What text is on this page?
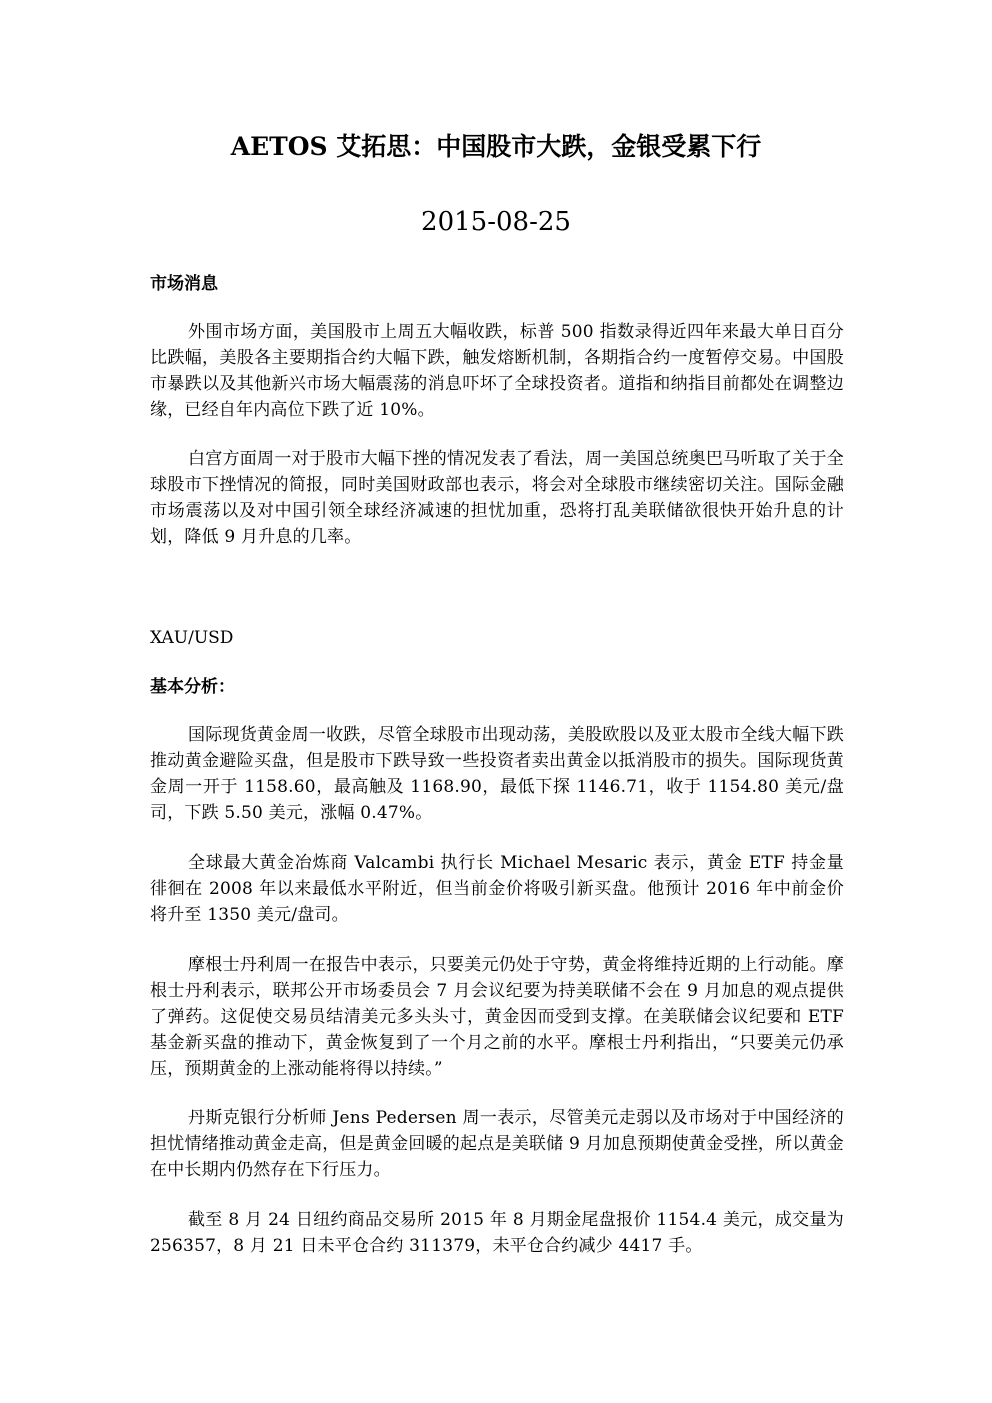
AETOS 艾拓思：中国股市大跌，金银受累下行
2015-08-25
市场消息

外围市场方面，美国股市上周五大幅收跌，标普 500 指数录得近四年来最大单日百分比跌幅，美股各主要期指合约大幅下跌，触发熔断机制，各期指合约一度暂停交易。中国股市暴跌以及其他新兴市场大幅震荡的消息吓坏了全球投资者。道指和纳指目前都处在调整边缘，已经自年内高位下跌了近 10%。

白宫方面周一对于股市大幅下挫的情况发表了看法，周一美国总统奥巴马听取了关于全球股市下挫情况的简报，同时美国财政部也表示，将会对全球股市继续密切关注。国际金融市场震荡以及对中国引领全球经济减速的担忧加重，恐将打乱美联储欲很快开始升息的计划，降低 9 月升息的几率。

XAU/USD
基本分析：

国际现货黄金周一收跌，尽管全球股市出现动荡，美股欧股以及亚太股市全线大幅下跌推动黄金避险买盘，但是股市下跌导致一些投资者卖出黄金以抵消股市的损失。国际现货黄金周一开于 1158.60，最高触及 1168.90，最低下探 1146.71，收于 1154.80 美元/盘司，下跌 5.50 美元，涨幅 0.47%。

全球最大黄金冶炼商 Valcambi 执行长 Michael Mesaric 表示，黄金 ETF 持金量徘徊在 2008 年以来最低水平附近，但当前金价将吸引新买盘。他预计 2016 年中前金价将升至 1350 美元/盘司。

摩根士丹利周一在报告中表示，只要美元仍处于守势，黄金将维持近期的上行动能。摩根士丹利表示，联邦公开市场委员会 7 月会议纪要为持美联储不会在 9 月加息的观点提供了弹药。这促使交易员结清美元多头头寸，黄金因而受到支撑。在美联储会议纪要和 ETF 基金新买盘的推动下，黄金恢复到了一个月之前的水平。摩根士丹利指出，“只要美元仍承压，预期黄金的上涨动能将得以持续。”

丹斯克银行分析师 Jens Pedersen 周一表示，尽管美元走弱以及市场对于中国经济的担忧情绪推动黄金走高，但是黄金回暖的起点是美联储 9 月加息预期使黄金受挫，所以黄金在中长期内仍然存在下行压力。

截至 8 月 24 日纽约商品交易所 2015 年 8 月期金尾盘报价 1154.4 美元，成交量为 256357，8 月 21 日未平仓合约 311379，未平仓合约减少 4417 手。
